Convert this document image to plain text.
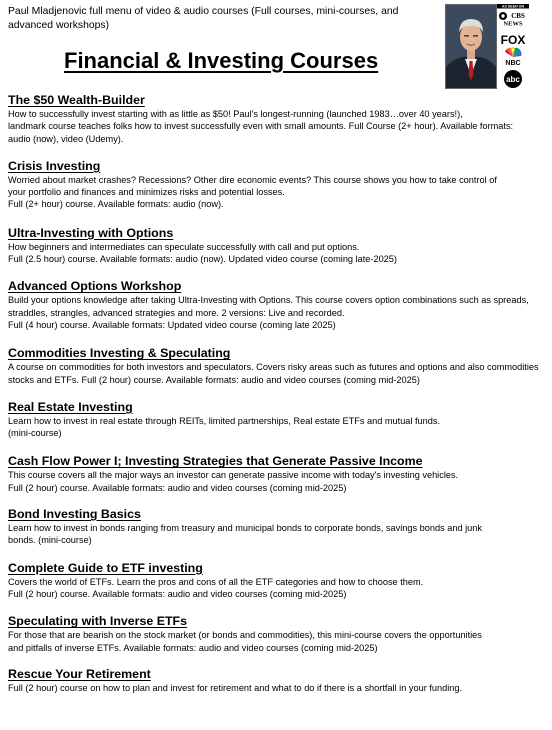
Paul Mladjenovic full menu of video & audio courses (Full courses, mini-courses, and advanced workshops)
Financial & Investing Courses
AS SEEN ON
CBS
NEWS
FOX
NBC
abc
The $50 Wealth-Builder

How to successfully invest starting with as little as $50! Paul's longest-running (launched 1983…over 40 years!),
landmark course teaches folks how to invest successfully even with small amounts. Full Course (2+ hour). Available formats:
audio (now), video (Udemy).

Crisis Investing

Worried about market crashes? Recessions? Other dire economic events? This course shows you how to take control of
your portfolio and finances and minimizes risks and potential losses.
Full (2+ hour) course. Available formats: audio (now).

Ultra-Investing with Options

How beginners and intermediates can speculate successfully with call and put options.
Full (2.5 hour) course. Available formats: audio (now). Updated video course (coming late-2025)

Advanced Options Workshop

Build your options knowledge after taking Ultra-Investing with Options. This course covers option combinations such as spreads,
straddles, strangles, advanced strategies and more. 2 versions: Live and recorded.
Full (4 hour) course. Available formats: Updated video course (coming late 2025)

Commodities Investing & Speculating

A course on commodities for both investors and speculators. Covers risky areas such as futures and options and also commodities
stocks and ETFs. Full (2 hour) course. Available formats: audio and video courses (coming mid-2025)

Real Estate Investing

Learn how to invest in real estate through REITs, limited partnerships, Real estate ETFs and mutual funds.
(mini-course)

Cash Flow Power I; Investing Strategies that Generate Passive Income

This course covers all the major ways an investor can generate passive income with today's investing vehicles.
Full (2 hour) course. Available formats: audio and video courses (coming mid-2025)

Bond Investing Basics

Learn how to invest in bonds ranging from treasury and municipal bonds to corporate bonds, savings bonds and junk
bonds. (mini-course)

Complete Guide to ETF investing

Covers the world of ETFs. Learn the pros and cons of all the ETF categories and how to choose them.
Full (2 hour) course. Available formats: audio and video courses (coming mid-2025)

Speculating with Inverse ETFs

For those that are bearish on the stock market (or bonds and commodities), this mini-course covers the opportunities
and pitfalls of inverse ETFs. Available formats: audio and video courses (coming mid-2025)

Rescue Your Retirement

Full (2 hour) course on how to plan and invest for retirement and what to do if there is a shortfall in your funding.
